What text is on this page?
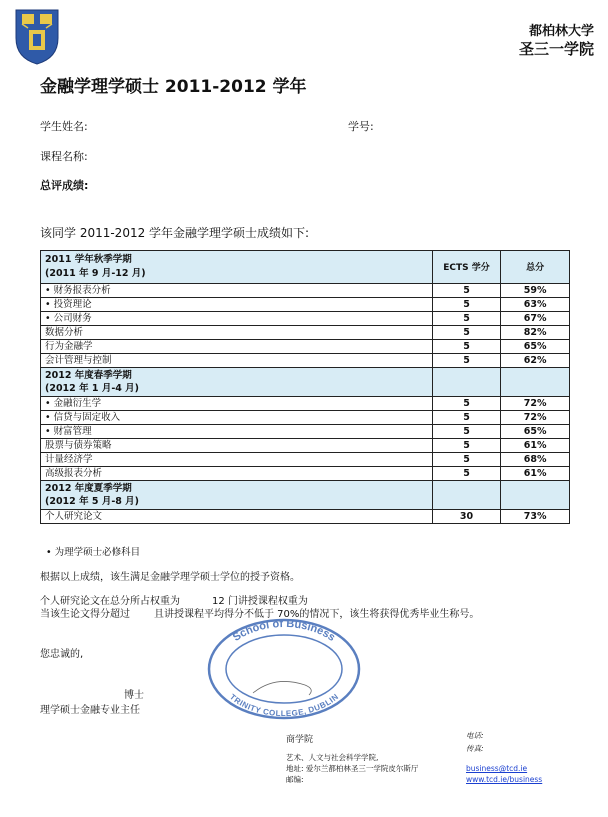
都柏林大学
圣三一学院
金融学理学硕士 2011-2012 学年
学生姓名:	学号:
课程名称:
总评成绩:
该同学 2011-2012 学年金融学理学硕士成绩如下:
2011 学年秋季学期
(2011 年 9 月-12 月)	ECTS 学分	总分
• 财务报表分析	5	59%
• 投资理论	5	63%
• 公司财务	5	67%
数据分析	5	82%
行为金融学	5	65%
会计管理与控制	5	62%

2012 年度春季学期
(2012 年 1 月-4 月)		

• 金融衍生学	5	72%
• 信贷与固定收入	5	72%
• 财富管理	5	65%
股票与债券策略	5	61%
计量经济学	5	68%
高级报表分析	5	61%

2012 年度夏季学期
(2012 年 5 月-8 月)		

个人研究论文	30	73%
• 为理学硕士必修科目
根据以上成绩，该生满足金融学理学硕士学位的授予资格。
个人研究论文在总分所占权重为	12 门讲授课程权重为
当该生论文得分超过 且讲授课程平均得分不低于 70%的情况下，该生将获得优秀毕业生称号。
School of Business
TRINITY COLLEGE, DUBLIN
您忠诚的,
博士
理学硕士金融专业主任
商学院
艺术、人文与社会科学学院,
地址: 爱尔兰都柏林圣三一学院皮尔斯厅
邮编:
电话:
传真:
business@tcd.ie
www.tcd.ie/business
